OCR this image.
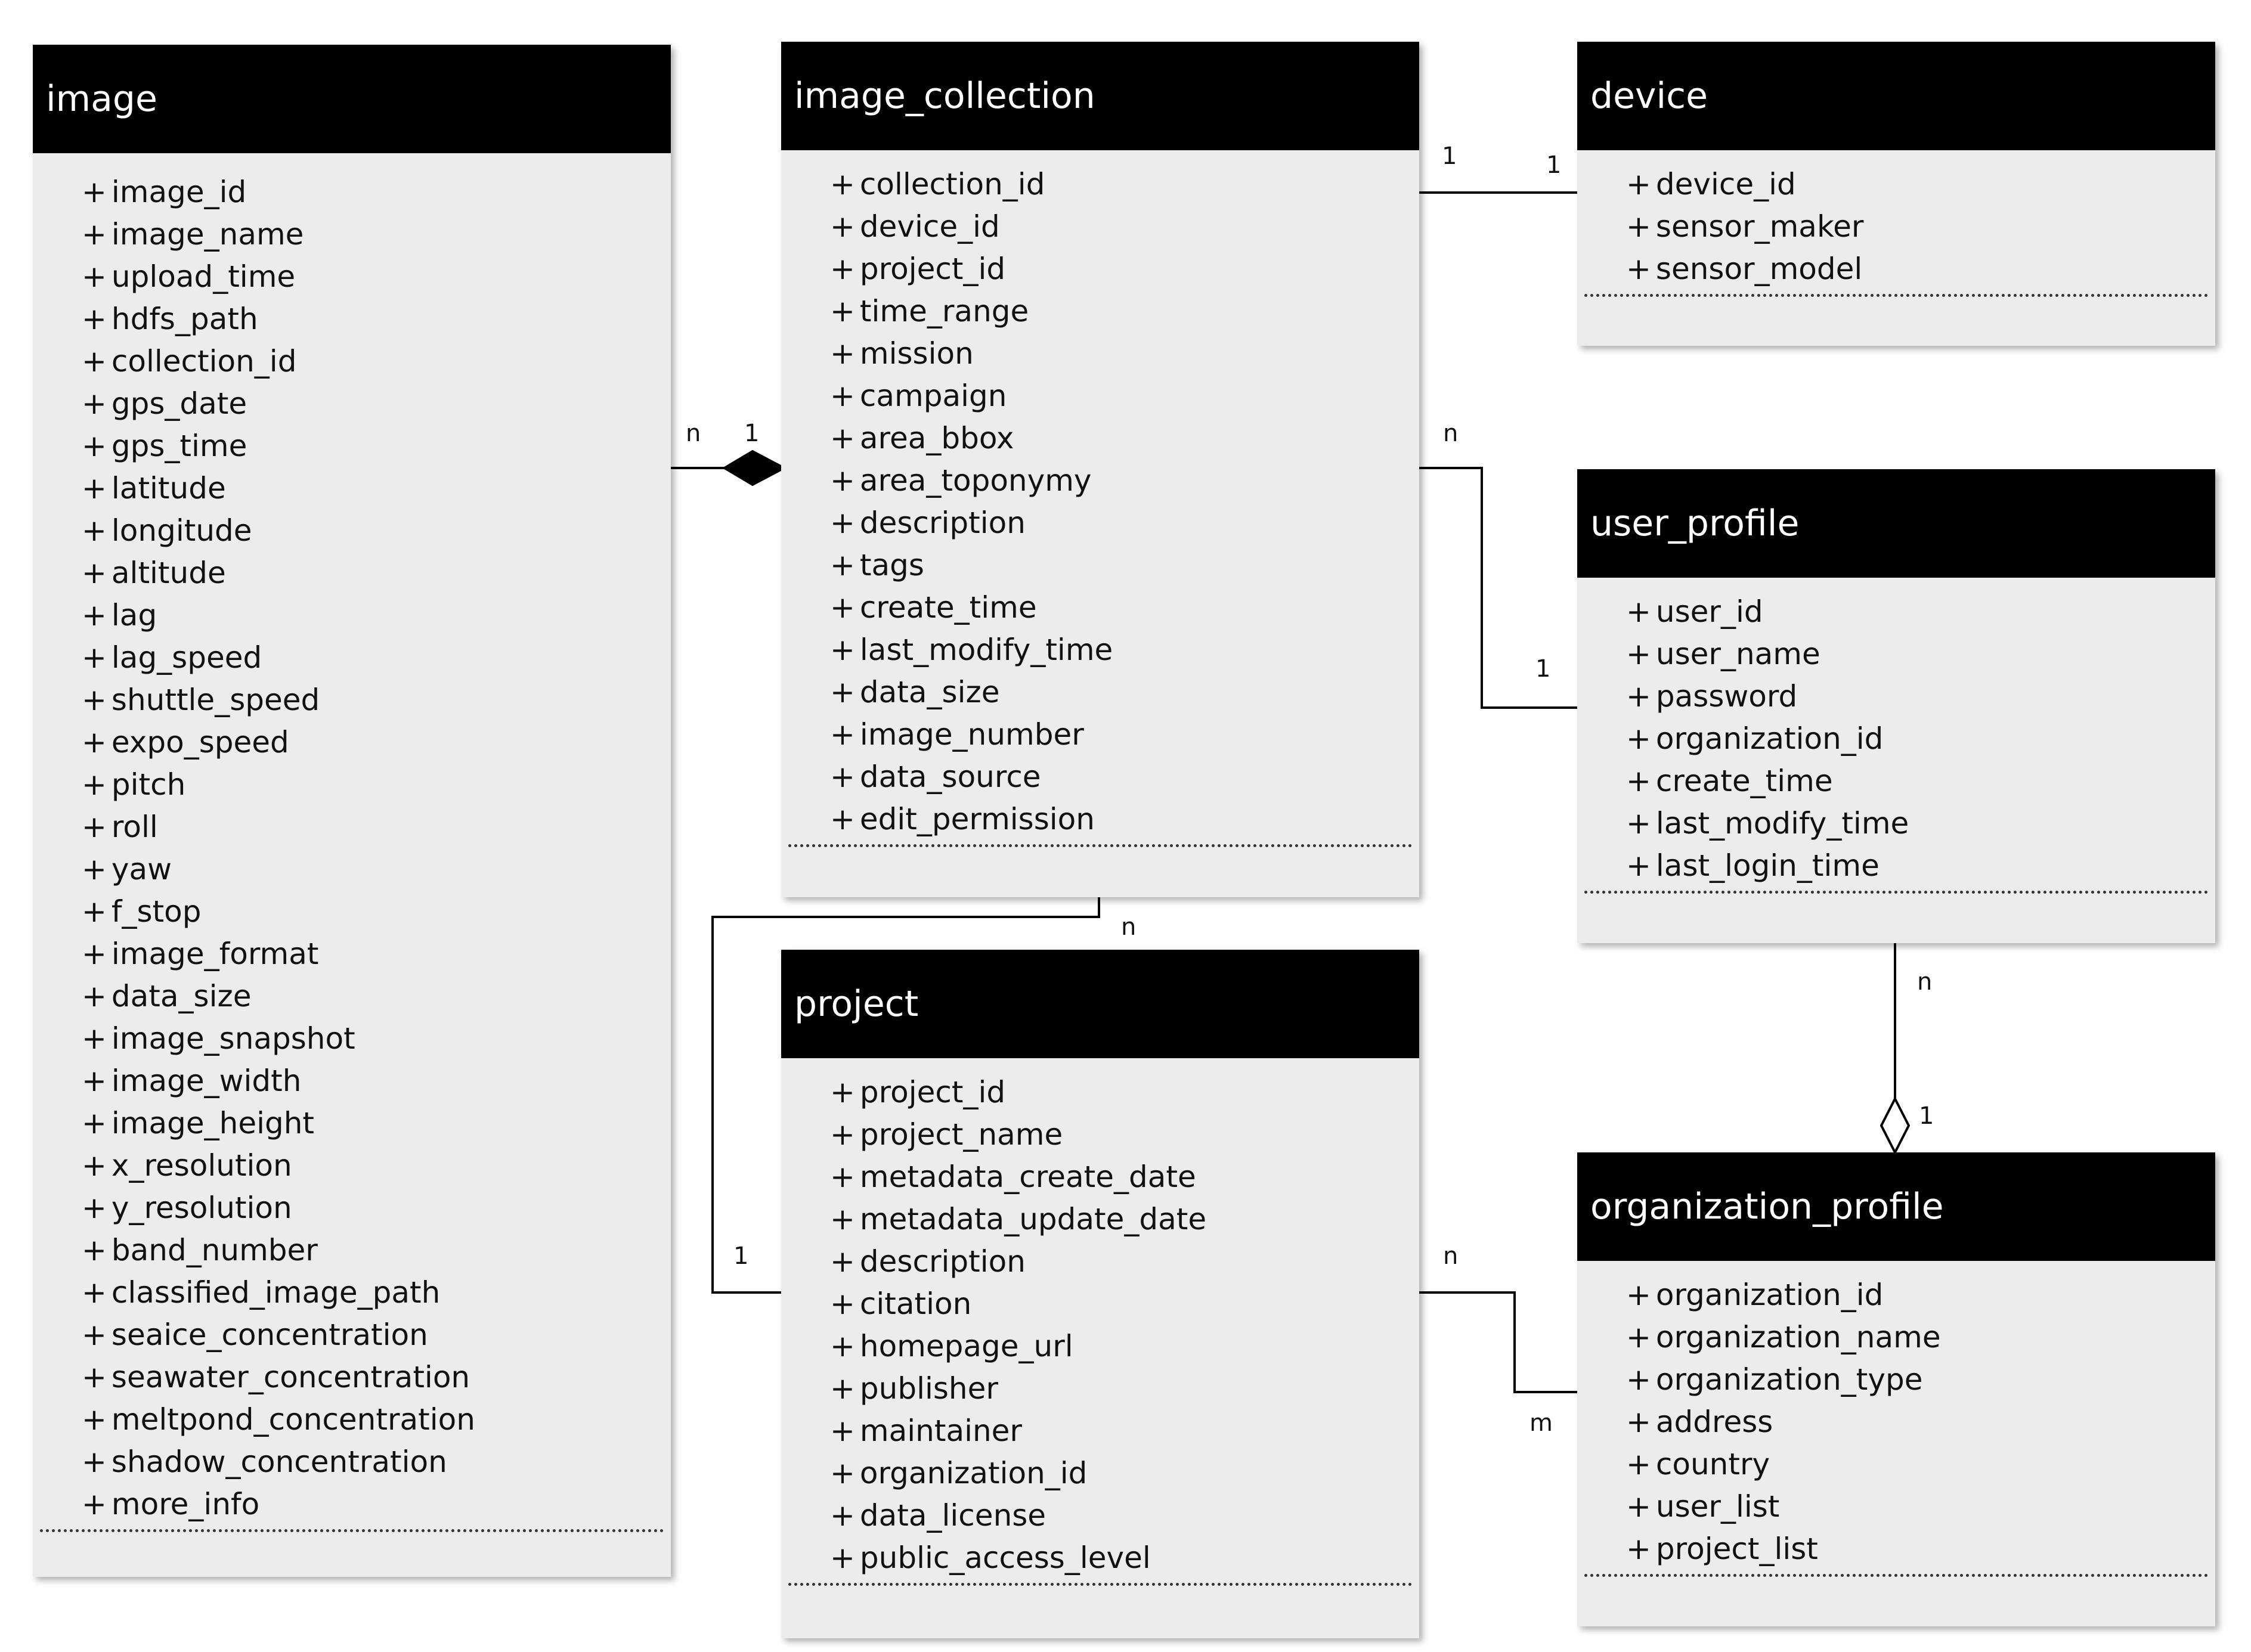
n 1
1	1
n
1
n
1
n
1
n
m
image
+ image_id
+ image_name
+ upload_time
+ hdfs_path
+ collection_id
+ gps_date
+ gps_time
+ latitude
+ longitude
+ altitude
+ lag
+ lag_speed
+ shuttle_speed
+ expo_speed
+ pitch
+ roll
+ yaw
+ f_stop
+ image_format
+ data_size
+ image_snapshot
+ image_width
+ image_height
+ x_resolution
+ y_resolution
+ band_number
+ classified_image_path
+ seaice_concentration
+ seawater_concentration
+ meltpond_concentration
+ shadow_concentration
+ more_info
image_collection
+ collection_id
+ device_id
+ project_id
+ time_range
+ mission
+ campaign
+ area_bbox
+ area_toponymy
+ description
+ tags
+ create_time
+ last_modify_time
+ data_size
+ image_number
+ data_source
+ edit_permission
device
+ device_id
+ sensor_maker
+ sensor_model
user_profile
+ user_id
+ user_name
+ password
+ organization_id
+ create_time
+ last_modify_time
+ last_login_time
project
+ project_id
+ project_name
+ metadata_create_date
+ metadata_update_date
+ description
+ citation
+ homepage_url
+ publisher
+ maintainer
+ organization_id
+ data_license
+ public_access_level
organization_profile
+ organization_id
+ organization_name
+ organization_type
+ address
+ country
+ user_list
+ project_list
